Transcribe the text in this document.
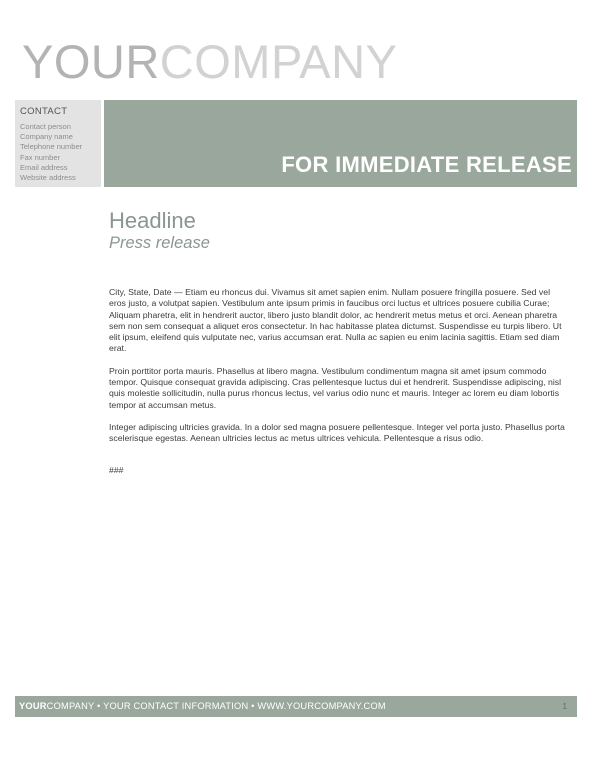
YOURCOMPANY
CONTACT
Contact person
Company name
Telephone number
Fax number
Email address
Website address
FOR IMMEDIATE RELEASE
Headline
Press release

City, State, Date — Etiam eu rhoncus dui. Vivamus sit amet sapien enim. Nullam posuere fringilla posuere. Sed vel eros justo, a volutpat sapien. Vestibulum ante ipsum primis in faucibus orci luctus et ultrices posuere cubilia Curae; Aliquam pharetra, elit in hendrerit auctor, libero justo blandit dolor, ac hendrerit metus metus et orci. Aenean pharetra sem non sem consequat a aliquet eros consectetur. In hac habitasse platea dictumst. Suspendisse eu turpis libero. Ut elit ipsum, eleifend quis vulputate nec, varius accumsan erat. Nulla ac sapien eu enim lacinia sagittis. Etiam sed diam erat.

Proin porttitor porta mauris. Phasellus at libero magna. Vestibulum condimentum magna sit amet ipsum commodo tempor. Quisque consequat gravida adipiscing. Cras pellentesque luctus dui et hendrerit. Suspendisse adipiscing, nisl quis molestie sollicitudin, nulla purus rhoncus lectus, vel varius odio nunc et mauris. Integer ac lorem eu diam lobortis tempor at accumsan metus.

Integer adipiscing ultricies gravida. In a dolor sed magna posuere pellentesque. Integer vel porta justo. Phasellus porta scelerisque egestas. Aenean ultricies lectus ac metus ultrices vehicula. Pellentesque a risus odio.

###

YOURCOMPANY • YOUR CONTACT INFORMATION • WWW.YOURCOMPANY.COM	1
